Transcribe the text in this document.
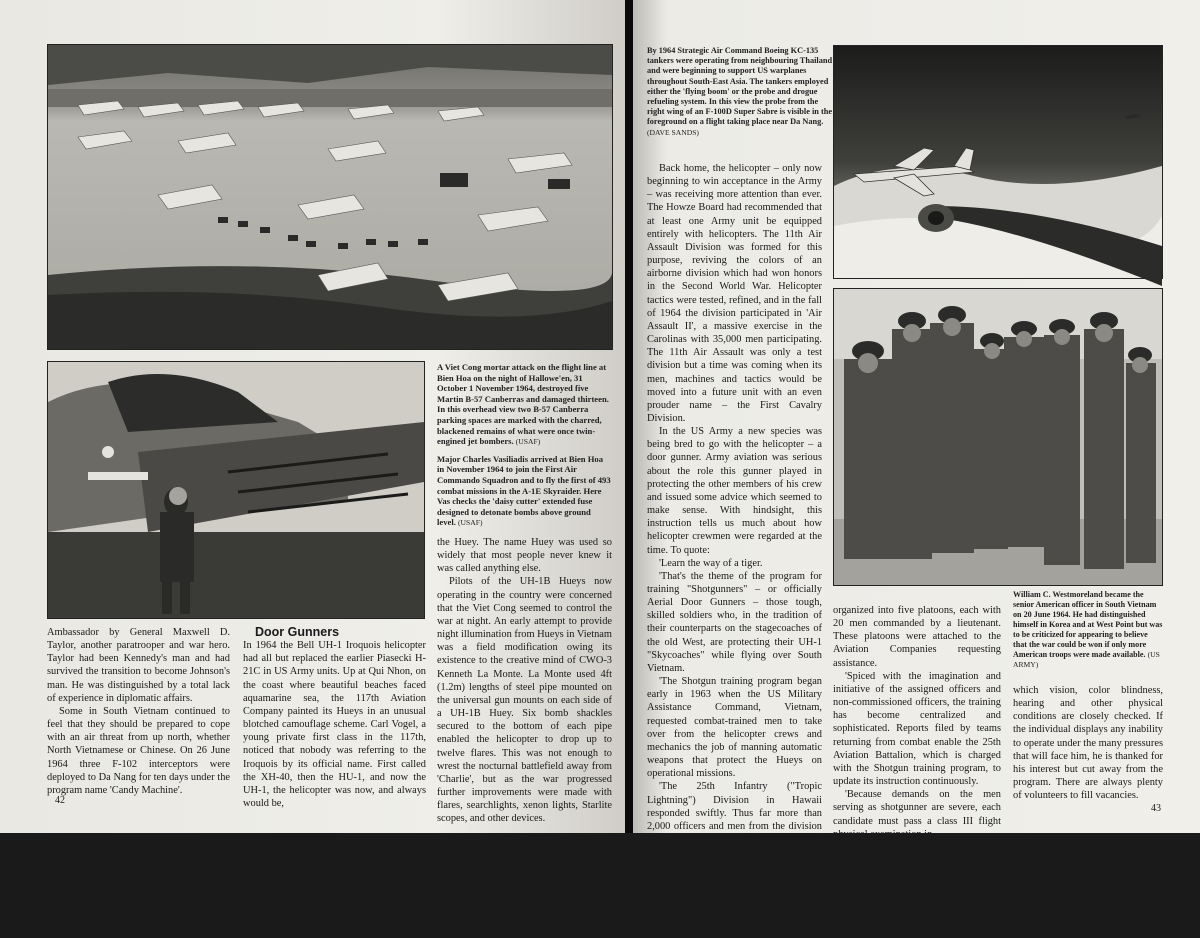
A Viet Cong mortar attack on the flight line at Bien Hoa on the night of Hallowe'en, 31 October 1 November 1964, destroyed five Martin B-57 Canberras and damaged thirteen. In this overhead view two B-57 Canberra parking spaces are marked with the charred, blackened remains of what were once twin-engined jet bombers. (USAF)

Major Charles Vasiliadis arrived at Bien Hoa in November 1964 to join the First Air Commando Squadron and to fly the first of 493 combat missions in the A-1E Skyraider. Here Vas checks the 'daisy cutter' extended fuse designed to detonate bombs above ground level. (USAF)

Ambassador by General Maxwell D. Taylor, another paratrooper and war hero. Taylor had been Kennedy's man and had survived the transition to become Johnson's man. He was distinguished by a total lack of experience in diplomatic affairs.

Some in South Vietnam continued to feel that they should be prepared to cope with an air threat from up north, whether North Vietnamese or Chinese. On 26 June 1964 three F-102 interceptors were deployed to Da Nang for ten days under the program name 'Candy Machine'.

Door Gunners

In 1964 the Bell UH-1 Iroquois helicopter had all but replaced the earlier Piasecki H-21C in US Army units. Up at Qui Nhon, on the coast where beautiful beaches faced aquamarine sea, the 117th Aviation Company painted its Hueys in an unusual blotched camouflage scheme. Carl Vogel, a young private first class in the 117th, noticed that nobody was referring to the Iroquois by its official name. First called the XH-40, then the HU-1, and now the UH-1, the helicopter was now, and always would be,

the Huey. The name Huey was used so widely that most people never knew it was called anything else.

Pilots of the UH-1B Hueys now operating in the country were concerned that the Viet Cong seemed to control the war at night. An early attempt to provide night illumination from Hueys in Vietnam was a field modification owing its existence to the creative mind of CWO-3 Kenneth La Monte. La Monte used 4ft (1.2m) lengths of steel pipe mounted on the universal gun mounts on each side of a UH-1B Huey. Six bomb shackles secured to the bottom of each pipe enabled the helicopter to drop up to twelve flares. This was not enough to wrest the nocturnal battlefield away from 'Charlie', but as the war progressed further improvements were made with flares, searchlights, xenon lights, Starlite scopes, and other devices.

42

By 1964 Strategic Air Command Boeing KC-135 tankers were operating from neighbouring Thailand and were beginning to support US warplanes throughout South-East Asia. The tankers employed either the 'flying boom' or the probe and drogue refueling system. In this view the probe from the right wing of an F-100D Super Sabre is visible in the foreground on a flight taking place near Da Nang. (DAVE SANDS)

Back home, the helicopter – only now beginning to win acceptance in the Army – was receiving more attention than ever. The Howze Board had recommended that at least one Army unit be equipped entirely with helicopters. The 11th Air Assault Division was formed for this purpose, reviving the colors of an airborne division which had won honors in the Second World War. Helicopter tactics were tested, refined, and in the fall of 1964 the division participated in 'Air Assault II', a massive exercise in the Carolinas with 35,000 men participating. The 11th Air Assault was only a test division but a time was coming when its men, machines and tactics would be moved into a future unit with an even prouder name – the First Cavalry Division.

In the US Army a new species was being bred to go with the helicopter – a door gunner. Army aviation was serious about the role this gunner played in protecting the other members of his crew and issued some advice which seemed to make sense. With hindsight, this instruction tells us much about how helicopter crewmen were regarded at the time. To quote:

'Learn the way of a tiger.

'That's the theme of the program for training "Shotgunners" – or officially Aerial Door Gunners – those tough, skilled soldiers who, in the tradition of their counterparts on the stagecoaches of the old West, are protecting their UH-1 "Skycoaches" while flying over South Vietnam.

'The Shotgun training program began early in 1963 when the US Military Assistance Command, Vietnam, requested combat-trained men to take over from the helicopter crews and mechanics the job of manning automatic weapons that protect the Hueys on operational missions.

'The 25th Infantry ("Tropic Lightning") Division in Hawaii responded swiftly. Thus far more than 2,000 officers and men from the division have completed this training and have seen action across the sights of their machine-guns. Thirteen of them have given their lives. More than 100 have been wounded.

'From its inception the Shotgun program has been entirely volunteer. Shotgun I was

organized into five platoons, each with 20 men commanded by a lieutenant. These platoons were attached to the Aviation Companies requesting assistance.

'Spiced with the imagination and initiative of the assigned officers and non-commissioned officers, the training has become centralized and sophisticated. Reports filed by teams returning from combat enable the 25th Aviation Battalion, which is charged with the Shotgun training program, to update its instruction continuously.

'Because demands on the men serving as shotgunner are severe, each candidate must pass a class III flight physical examination in

William C. Westmoreland became the senior American officer in South Vietnam on 20 June 1964. He had distinguished himself in Korea and at West Point but was to be criticized for appearing to believe that the war could be won if only more American troops were made available. (US ARMY)

which vision, color blindness, hearing and other physical conditions are closely checked. If the individual displays any inability to operate under the many pressures that will face him, he is thanked for his interest but cut away from the program. There are always plenty of volunteers to fill vacancies.

43
